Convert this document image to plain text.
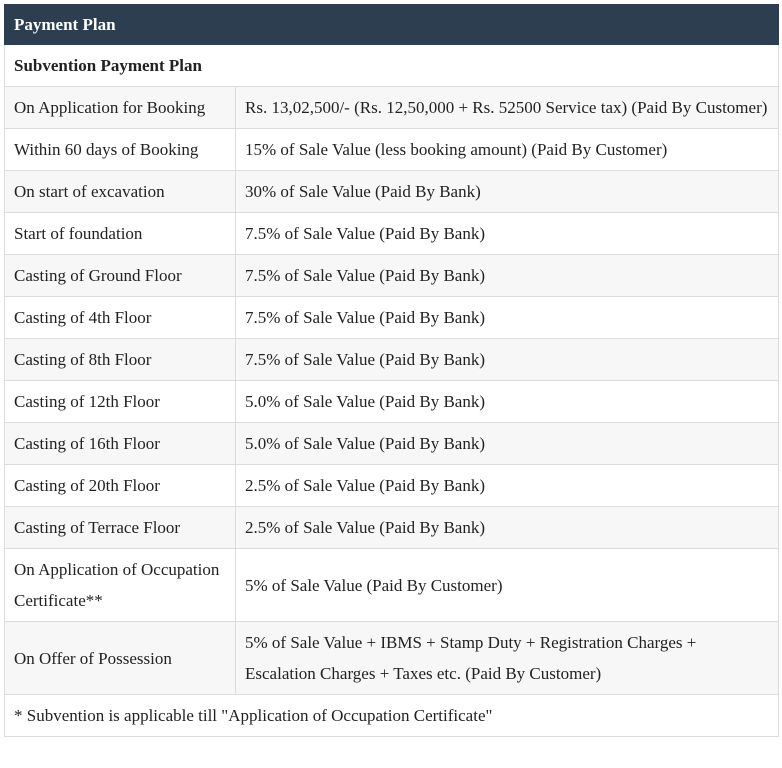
Payment Plan	
Subvention Payment Plan	
On Application for Booking	Rs. 13,02,500/- (Rs. 12,50,000 + Rs. 52500 Service tax) (Paid By Customer)
Within 60 days of Booking	15% of Sale Value (less booking amount) (Paid By Customer)
On start of excavation	30% of Sale Value (Paid By Bank)
Start of foundation	7.5% of Sale Value (Paid By Bank)
Casting of Ground Floor	7.5% of Sale Value (Paid By Bank)
Casting of 4th Floor	7.5% of Sale Value (Paid By Bank)
Casting of 8th Floor	7.5% of Sale Value (Paid By Bank)
Casting of 12th Floor	5.0% of Sale Value (Paid By Bank)
Casting of 16th Floor	5.0% of Sale Value (Paid By Bank)
Casting of 20th Floor	2.5% of Sale Value (Paid By Bank)
Casting of Terrace Floor	2.5% of Sale Value (Paid By Bank)
On Application of Occupation Certificate**	5% of Sale Value (Paid By Customer)
On Offer of Possession	5% of Sale Value + IBMS + Stamp Duty + Registration Charges + Escalation Charges + Taxes etc. (Paid By Customer)
* Subvention is applicable till "Application of Occupation Certificate"	
